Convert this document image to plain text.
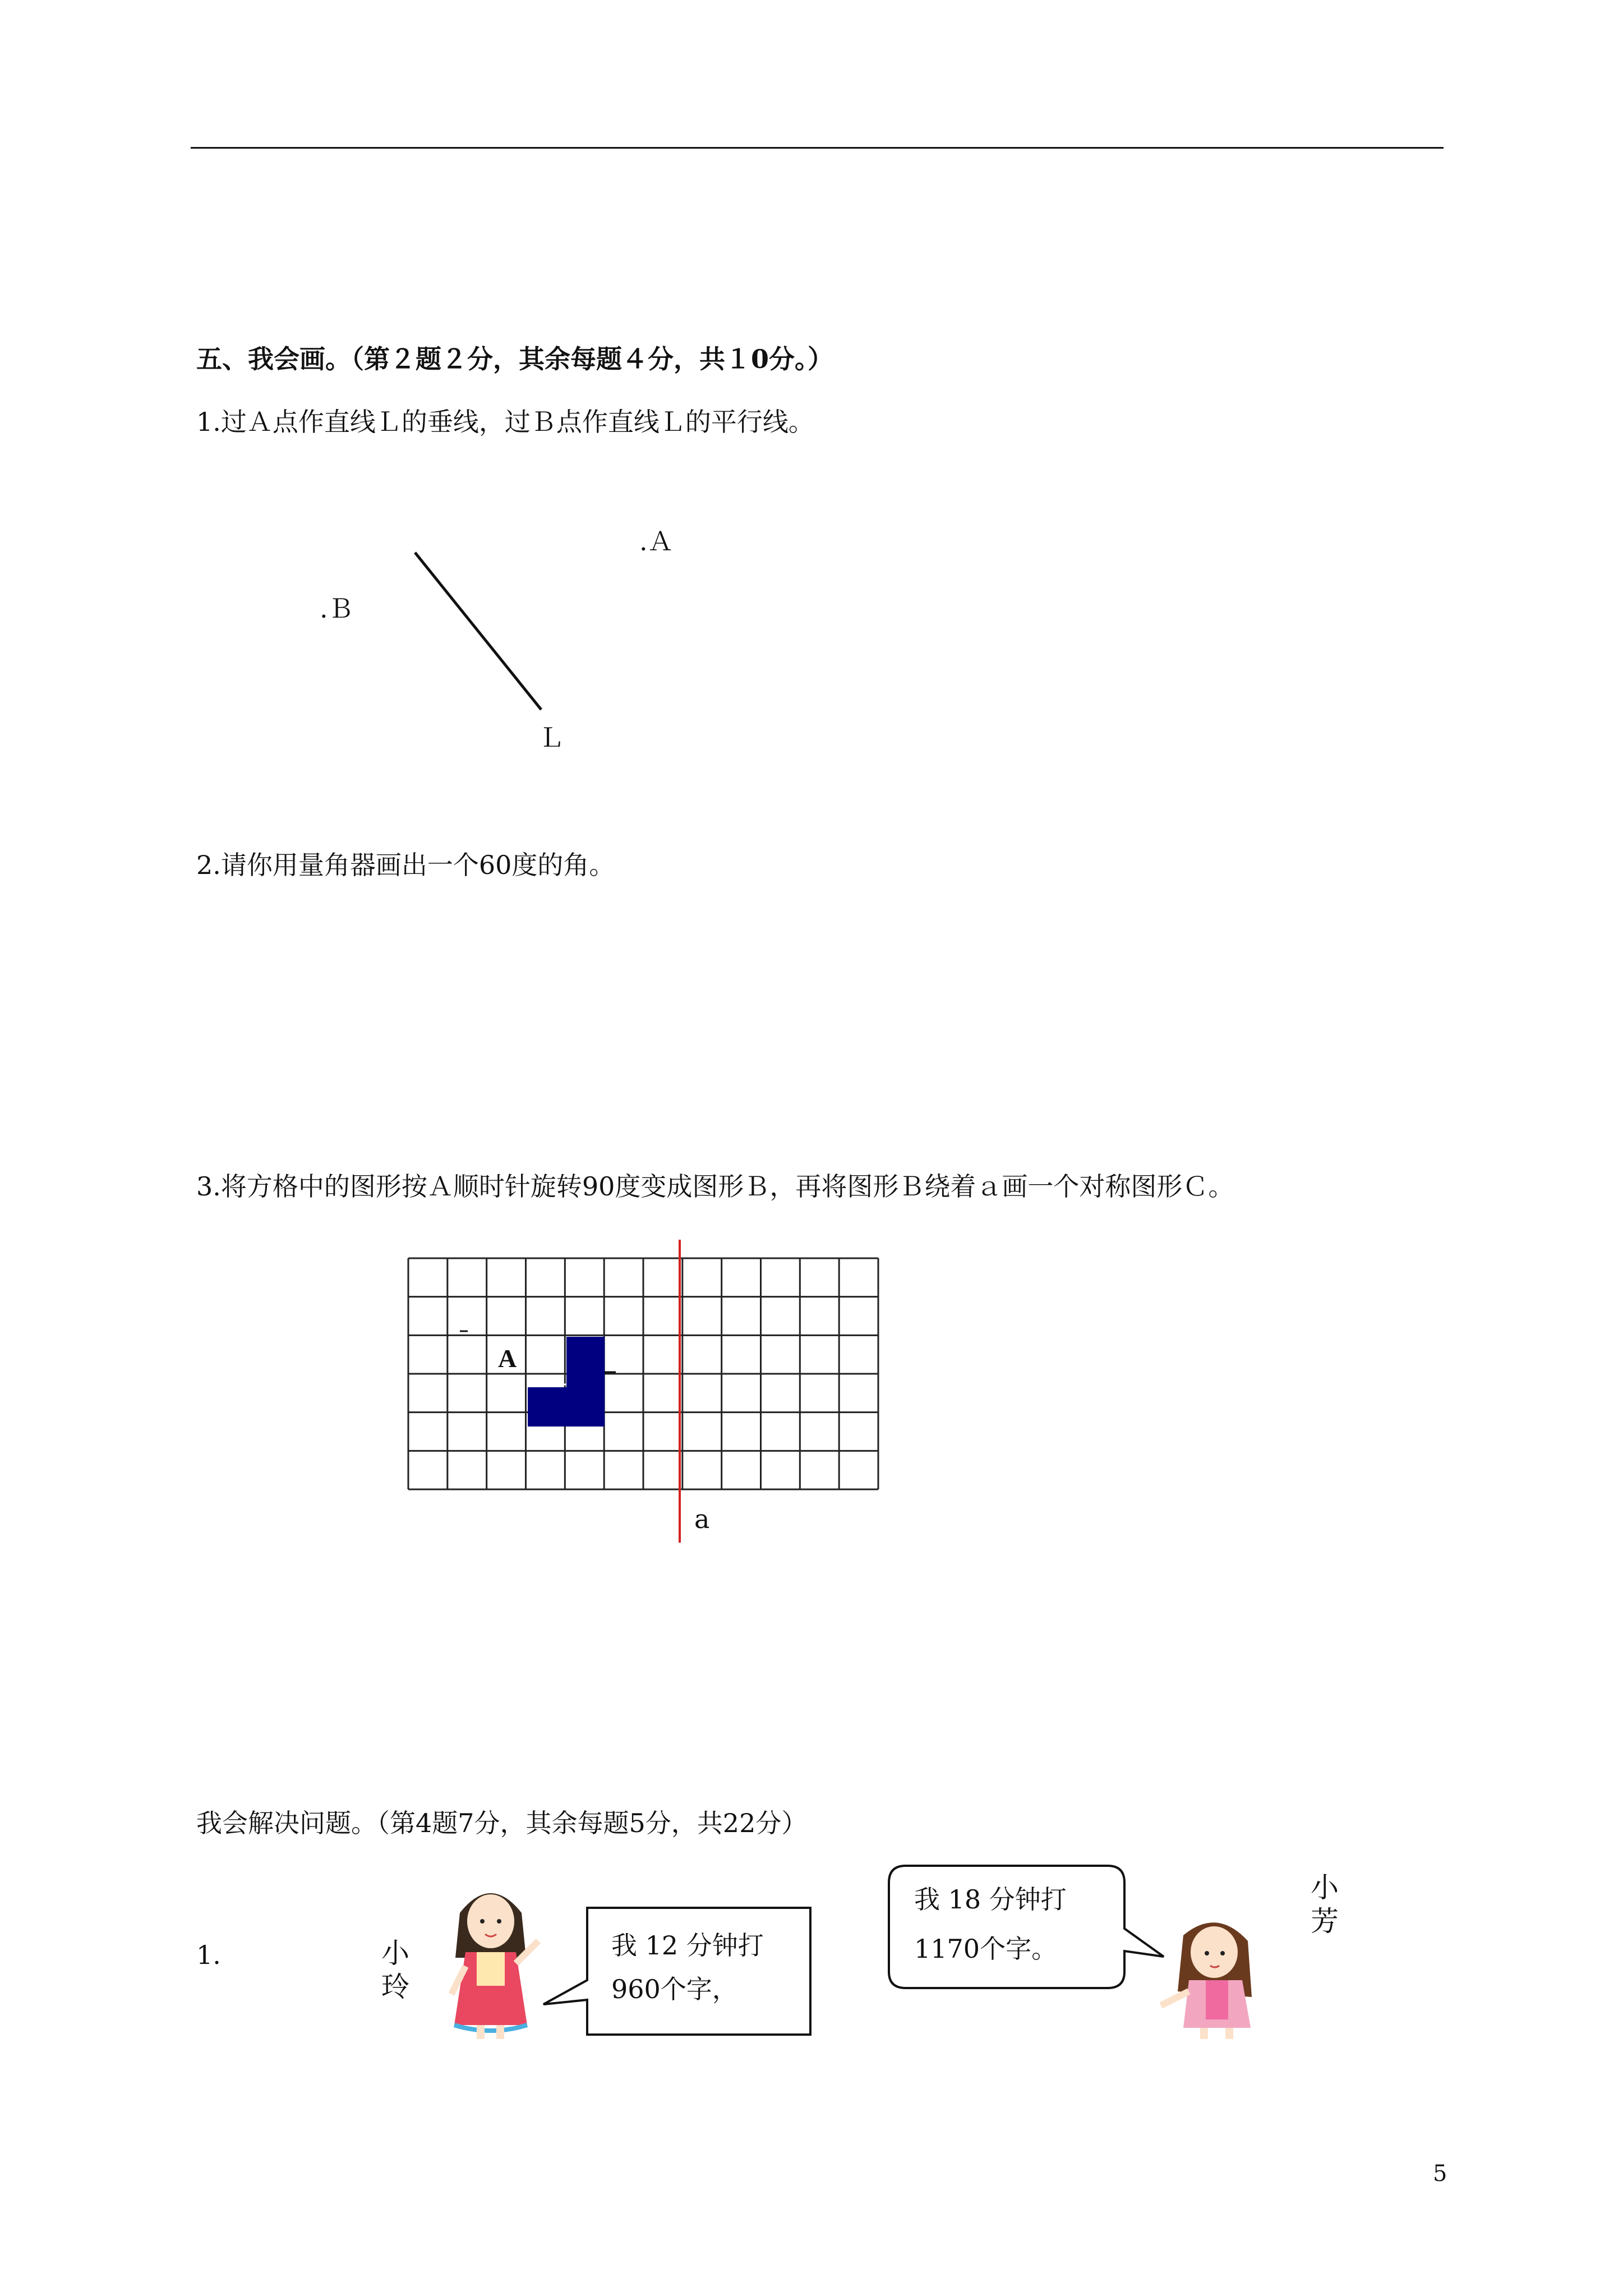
五、我会画。（第２题２分，其余每题４分，共１0分。）
1.过Ａ点作直线Ｌ的垂线，过Ｂ点作直线Ｌ的平行线。
.Ａ
.Ｂ
Ｌ
2.请你用量角器画出一个60度的角。
3.将方格中的图形按Ａ顺时针旋转90度变成图形Ｂ，再将图形Ｂ绕着ａ画一个对称图形Ｃ。
A
a
我会解决问题。（第4题7分，其余每题5分，共22分）
1.	小
玲
我 12 分钟打
960个字，
我 18 分钟打
1170个字。
小
芳
5
